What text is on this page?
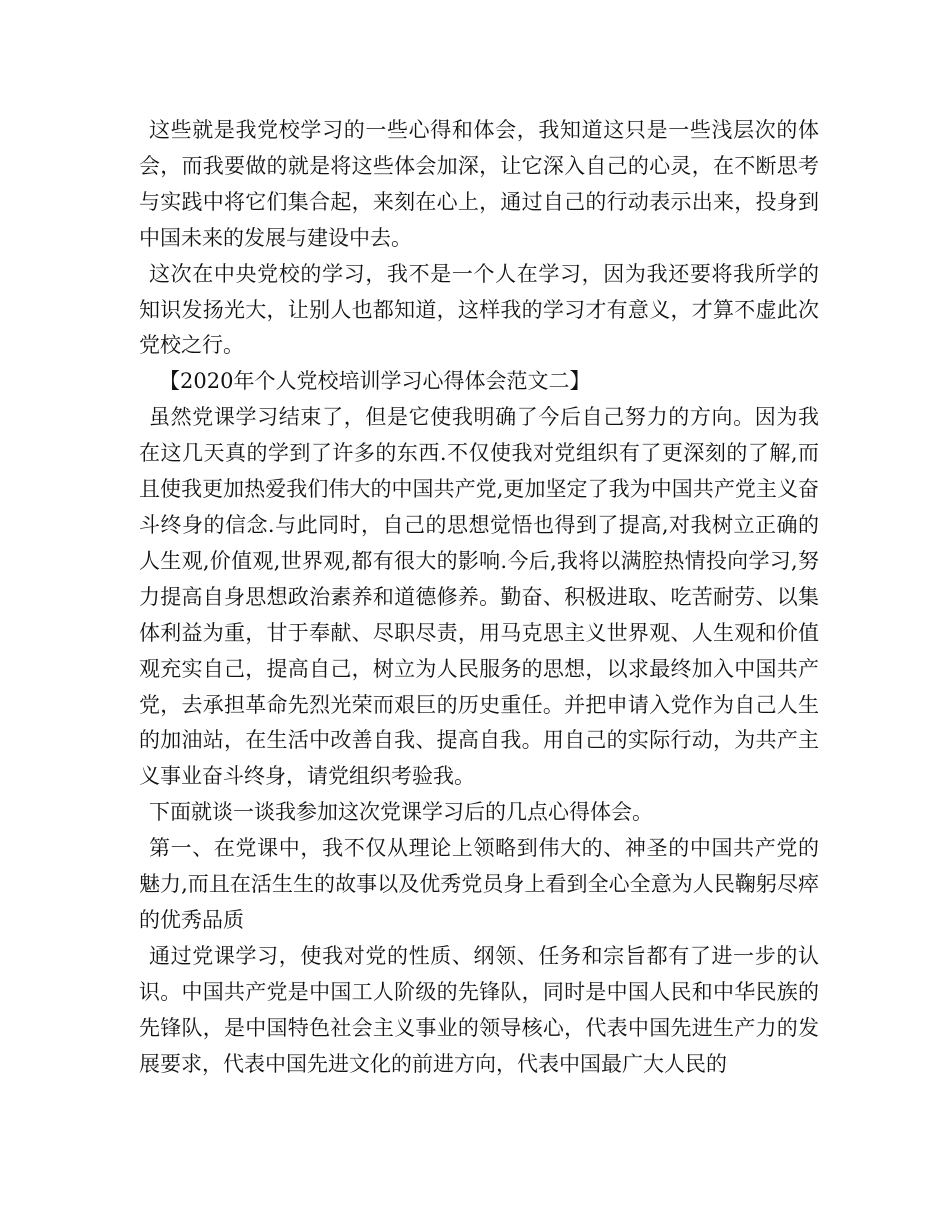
这些就是我党校学习的一些心得和体会，我知道这只是一些浅层次的体会，而我要做的就是将这些体会加深，让它深入自己的心灵，在不断思考与实践中将它们集合起，来刻在心上，通过自己的行动表示出来，投身到中国未来的发展与建设中去。

这次在中央党校的学习，我不是一个人在学习，因为我还要将我所学的知识发扬光大，让别人也都知道，这样我的学习才有意义，才算不虚此次党校之行。

【2020年个人党校培训学习心得体会范文二】

虽然党课学习结束了，但是它使我明确了今后自己努力的方向。因为我在这几天真的学到了许多的东西.不仅使我对党组织有了更深刻的了解,而且使我更加热爱我们伟大的中国共产党,更加坚定了我为中国共产党主义奋斗终身的信念.与此同时，自己的思想觉悟也得到了提高,对我树立正确的人生观,价值观,世界观,都有很大的影响.今后,我将以满腔热情投向学习,努力提高自身思想政治素养和道德修养。勤奋、积极进取、吃苦耐劳、以集体利益为重，甘于奉献、尽职尽责，用马克思主义世界观、人生观和价值观充实自己，提高自己，树立为人民服务的思想，以求最终加入中国共产党，去承担革命先烈光荣而艰巨的历史重任。并把申请入党作为自己人生的加油站，在生活中改善自我、提高自我。用自己的实际行动，为共产主义事业奋斗终身，请党组织考验我。

下面就谈一谈我参加这次党课学习后的几点心得体会。

第一、在党课中，我不仅从理论上领略到伟大的、神圣的中国共产党的魅力,而且在活生生的故事以及优秀党员身上看到全心全意为人民鞠躬尽瘁的优秀品质

通过党课学习，使我对党的性质、纲领、任务和宗旨都有了进一步的认识。中国共产党是中国工人阶级的先锋队，同时是中国人民和中华民族的先锋队，是中国特色社会主义事业的领导核心，代表中国先进生产力的发展要求，代表中国先进文化的前进方向，代表中国最广大人民的
